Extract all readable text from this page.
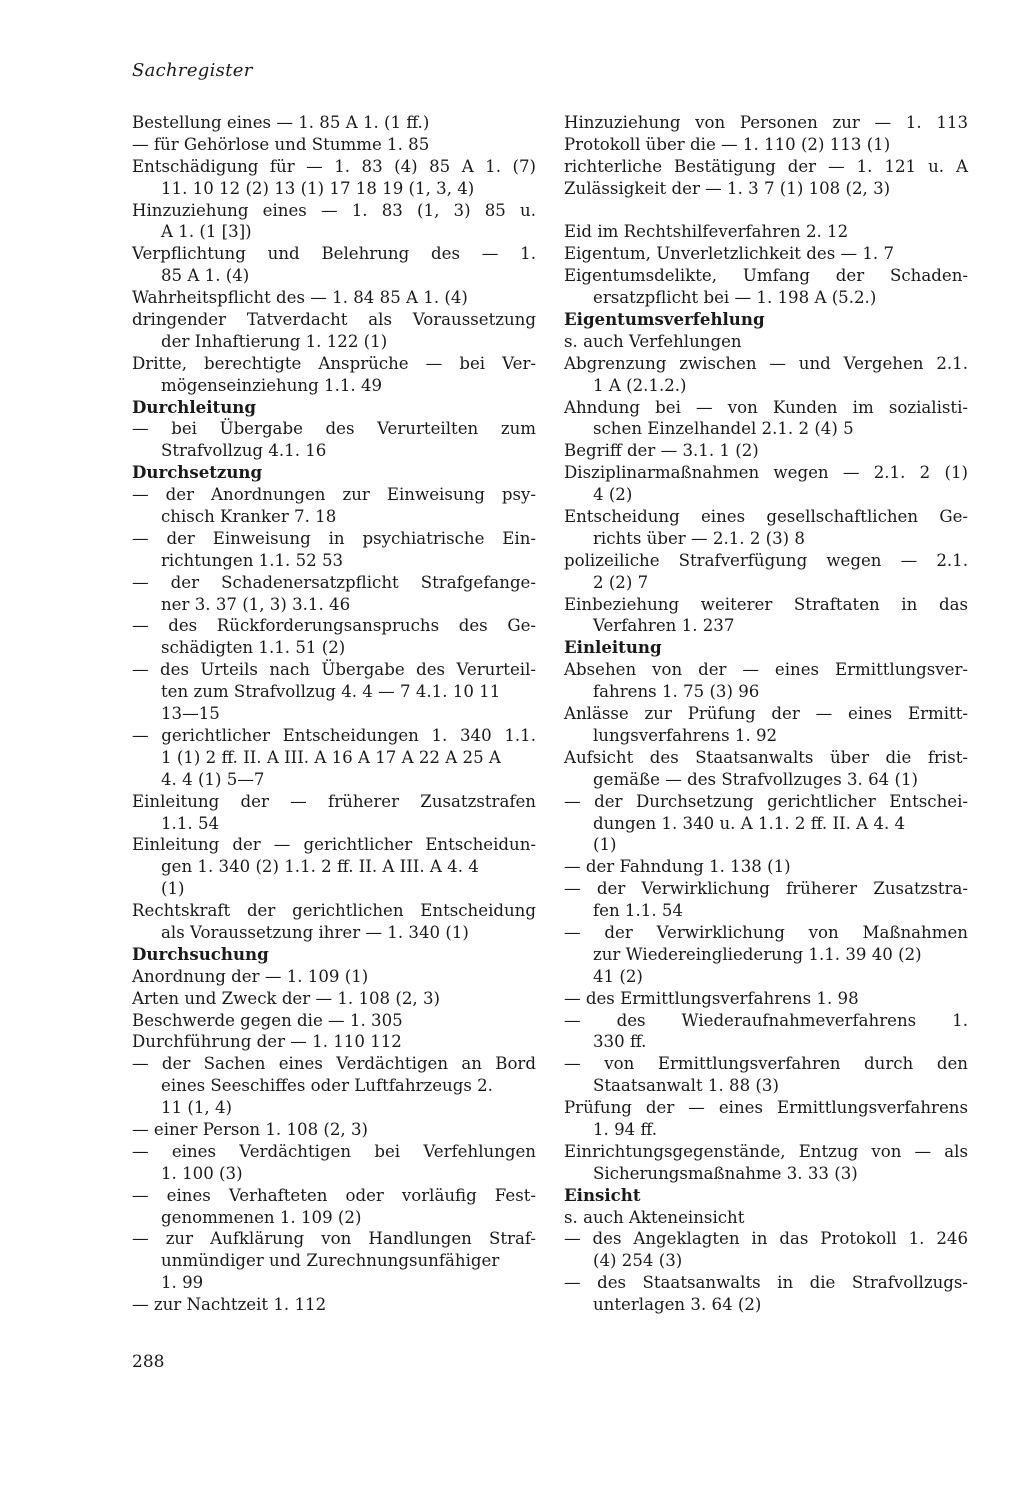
Sachregister
Bestellung eines — 1. 85 A 1. (1 ff.)
— für Gehörlose und Stumme 1. 85
Entschädigung für — 1. 83 (4) 85 A 1. (7)
11. 10 12 (2) 13 (1) 17 18 19 (1, 3, 4)
Hinzuziehung eines — 1. 83 (1, 3) 85 u.
A 1. (1 [3])
Verpflichtung und Belehrung des — 1.
85 A 1. (4)
Wahrheitspflicht des — 1. 84 85 A 1. (4)
dringender Tatverdacht als Voraussetzung
der Inhaftierung 1. 122 (1)
Dritte, berechtigte Ansprüche — bei Ver-
mögenseinziehung 1.1. 49
Durchleitung
— bei Übergabe des Verurteilten zum
Strafvollzug 4.1. 16
Durchsetzung
— der Anordnungen zur Einweisung psy-
chisch Kranker 7. 18
— der Einweisung in psychiatrische Ein-
richtungen 1.1. 52 53
— der Schadenersatzpflicht Strafgefange-
ner 3. 37 (1, 3) 3.1. 46
— des Rückforderungsanspruchs des Ge-
schädigten 1.1. 51 (2)
— des Urteils nach Übergabe des Verurteil-
ten zum Strafvollzug 4. 4 — 7 4.1. 10 11
13—15
— gerichtlicher Entscheidungen 1. 340 1.1.
1 (1) 2 ff. II. A III. A 16 A 17 A 22 A 25 A
4. 4 (1) 5—7
Einleitung der — früherer Zusatzstrafen
1.1. 54
Einleitung der — gerichtlicher Entscheidun-
gen 1. 340 (2) 1.1. 2 ff. II. A III. A 4. 4
(1)
Rechtskraft der gerichtlichen Entscheidung
als Voraussetzung ihrer — 1. 340 (1)
Durchsuchung
Anordnung der — 1. 109 (1)
Arten und Zweck der — 1. 108 (2, 3)
Beschwerde gegen die — 1. 305
Durchführung der — 1. 110 112
— der Sachen eines Verdächtigen an Bord
eines Seeschiffes oder Luftfahrzeugs 2.
11 (1, 4)
— einer Person 1. 108 (2, 3)
— eines Verdächtigen bei Verfehlungen
1. 100 (3)
— eines Verhafteten oder vorläufig Fest-
genommenen 1. 109 (2)
— zur Aufklärung von Handlungen Straf-
unmündiger und Zurechnungsunfähiger
1. 99
— zur Nachtzeit 1. 112
Hinzuziehung von Personen zur — 1. 113
Protokoll über die — 1. 110 (2) 113 (1)
richterliche Bestätigung der — 1. 121 u. A
Zulässigkeit der — 1. 3 7 (1) 108 (2, 3)
Eid im Rechtshilfeverfahren 2. 12
Eigentum, Unverletzlichkeit des — 1. 7
Eigentumsdelikte, Umfang der Schaden-
ersatzpflicht bei — 1. 198 A (5.2.)
Eigentumsverfehlung
s. auch Verfehlungen
Abgrenzung zwischen — und Vergehen 2.1.
1 A (2.1.2.)
Ahndung bei — von Kunden im sozialisti-
schen Einzelhandel 2.1. 2 (4) 5
Begriff der — 3.1. 1 (2)
Disziplinarmaßnahmen wegen — 2.1. 2 (1)
4 (2)
Entscheidung eines gesellschaftlichen Ge-
richts über — 2.1. 2 (3) 8
polizeiliche Strafverfügung wegen — 2.1.
2 (2) 7
Einbeziehung weiterer Straftaten in das
Verfahren 1. 237
Einleitung
Absehen von der — eines Ermittlungsver-
fahrens 1. 75 (3) 96
Anlässe zur Prüfung der — eines Ermitt-
lungsverfahrens 1. 92
Aufsicht des Staatsanwalts über die frist-
gemäße — des Strafvollzuges 3. 64 (1)
— der Durchsetzung gerichtlicher Entschei-
dungen 1. 340 u. A 1.1. 2 ff. II. A 4. 4
(1)
— der Fahndung 1. 138 (1)
— der Verwirklichung früherer Zusatzstra-
fen 1.1. 54
— der Verwirklichung von Maßnahmen
zur Wiedereingliederung 1.1. 39 40 (2)
41 (2)
— des Ermittlungsverfahrens 1. 98
— des Wiederaufnahmeverfahrens 1.
330 ff.
— von Ermittlungsverfahren durch den
Staatsanwalt 1. 88 (3)
Prüfung der — eines Ermittlungsverfahrens
1. 94 ff.
Einrichtungsgegenstände, Entzug von — als
Sicherungsmaßnahme 3. 33 (3)
Einsicht
s. auch Akteneinsicht
— des Angeklagten in das Protokoll 1. 246
(4) 254 (3)
— des Staatsanwalts in die Strafvollzugs-
unterlagen 3. 64 (2)
288
